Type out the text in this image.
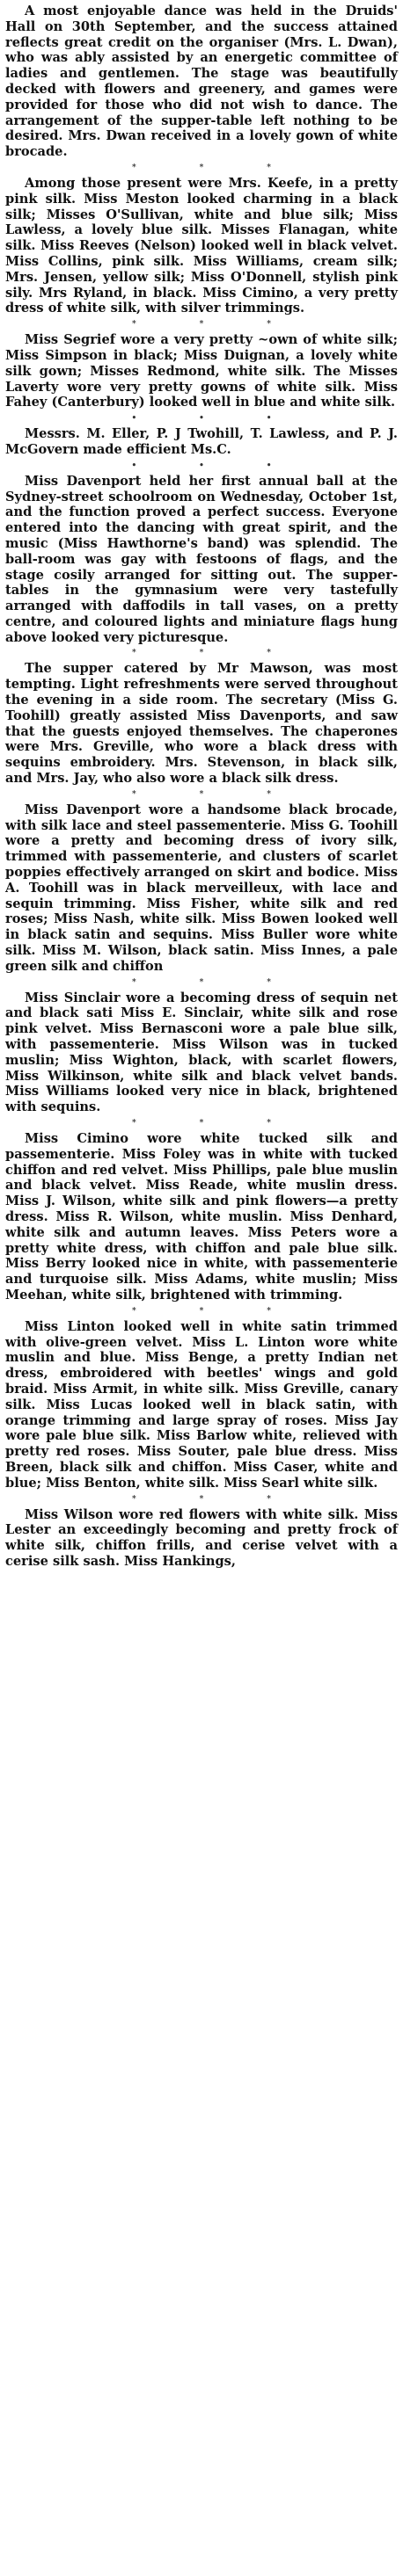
A most enjoyable dance was held in the Druids' Hall on 30th September, and the success attained reflects great credit on the organiser (Mrs. L. Dwan), who was ably assisted by an energetic committee of ladies and gentlemen. The stage was beautifully decked with flowers and greenery, and games were provided for those who did not wish to dance. The arrangement of the supper-table left nothing to be desired. Mrs. Dwan received in a lovely gown of white brocade.

*	*	*

Among those present were Mrs. Keefe, in a pretty pink silk. Miss Meston looked charming in a black silk; Misses O'Sullivan, white and blue silk; Miss Lawless, a lovely blue silk. Misses Flanagan, white silk. Miss Reeves (Nelson) looked well in black velvet. Miss Collins, pink silk. Miss Williams, cream silk; Mrs. Jensen, yellow silk; Miss O'Donnell, stylish pink sily. Mrs Ryland, in black. Miss Cimino, a very pretty dress of white silk, with silver trimmings.

*	*	*

Miss Segrief wore a very pretty ~own of white silk; Miss Simpson in black; Miss Duignan, a lovely white silk gown; Misses Redmond, white silk. The Misses Laverty wore very pretty gowns of white silk. Miss Fahey (Canterbury) looked well in blue and white silk.

•	•	•

Messrs. M. Eller, P. J Twohill, T. Lawless, and P. J. McGovern made efficient Ms.C.

•	•	•

Miss Davenport held her first annual ball at the Sydney-street schoolroom on Wednesday, October 1st, and the function proved a perfect success. Everyone entered into the dancing with great spirit, and the music (Miss Hawthorne's band) was splendid. The ball-room was gay with festoons of flags, and the stage cosily arranged for sitting out. The supper-tables in the gymnasium were very tastefully arranged with daffodils in tall vases, on a pretty centre, and coloured lights and miniature flags hung above looked very picturesque.

*	*	*

The supper catered by Mr Mawson, was most tempting. Light refreshments were served throughout the evening in a side room. The secretary (Miss G. Toohill) greatly assisted Miss Davenports, and saw that the guests enjoyed themselves. The chaperones were Mrs. Greville, who wore a black dress with sequins embroidery. Mrs. Stevenson, in black silk, and Mrs. Jay, who also wore a black silk dress.

*	*	*

Miss Davenport wore a handsome black brocade, with silk lace and steel passementerie. Miss G. Toohill wore a pretty and becoming dress of ivory silk, trimmed with passementerie, and clusters of scarlet poppies effectively arranged on skirt and bodice. Miss A. Toohill was in black merveilleux, with lace and sequin trimming. Miss Fisher, white silk and red roses; Miss Nash, white silk. Miss Bowen looked well in black satin and sequins. Miss Buller wore white silk. Miss M. Wilson, black satin. Miss Innes, a pale green silk and chiffon

*	*	*

Miss Sinclair wore a becoming dress of sequin net and black sati Miss E. Sinclair, white silk and rose pink velvet. Miss Bernasconi wore a pale blue silk, with passementerie. Miss Wilson was in tucked muslin; Miss Wighton, black, with scarlet flowers, Miss Wilkinson, white silk and black velvet bands. Miss Williams looked very nice in black, brightened with sequins.

*	*	*

Miss Cimino wore white tucked silk and passementerie. Miss Foley was in white with tucked chiffon and red velvet. Miss Phillips, pale blue muslin and black velvet. Miss Reade, white muslin dress. Miss J. Wilson, white silk and pink flowers—a pretty dress. Miss R. Wilson, white muslin. Miss Denhard, white silk and autumn leaves. Miss Peters wore a pretty white dress, with chiffon and pale blue silk. Miss Berry looked nice in white, with passementerie and turquoise silk. Miss Adams, white muslin; Miss Meehan, white silk, brightened with trimming.

*	*	*

Miss Linton looked well in white satin trimmed with olive-green velvet. Miss L. Linton wore white muslin and blue. Miss Benge, a pretty Indian net dress, embroidered with beetles' wings and gold braid. Miss Armit, in white silk. Miss Greville, canary silk. Miss Lucas looked well in black satin, with orange trimming and large spray of roses. Miss Jay wore pale blue silk. Miss Barlow white, relieved with pretty red roses. Miss Souter, pale blue dress. Miss Breen, black silk and chiffon. Miss Caser, white and blue; Miss Benton, white silk. Miss Searl white silk.

*	*	*

Miss Wilson wore red flowers with white silk. Miss Lester an exceedingly becoming and pretty frock of white silk, chiffon frills, and cerise velvet with a cerise silk sash. Miss Hankings,
